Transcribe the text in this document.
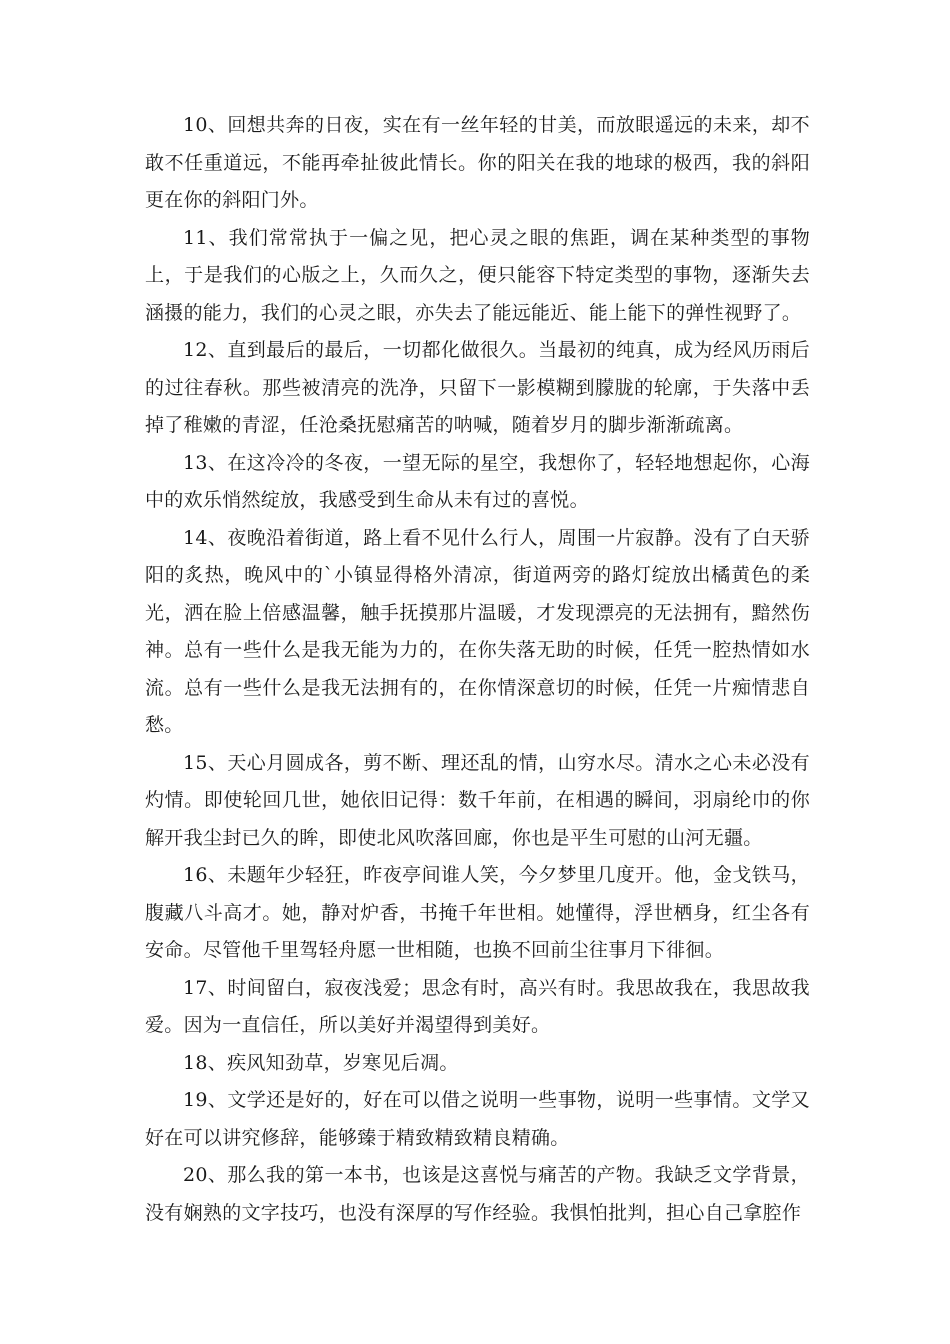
10、回想共奔的日夜，实在有一丝年轻的甘美，而放眼遥远的未来，却不敢不任重道远，不能再牵扯彼此情长。你的阳关在我的地球的极西，我的斜阳更在你的斜阳门外。

11、我们常常执于一偏之见，把心灵之眼的焦距，调在某种类型的事物上，于是我们的心版之上，久而久之，便只能容下特定类型的事物，逐渐失去涵摄的能力，我们的心灵之眼，亦失去了能远能近、能上能下的弹性视野了。

12、直到最后的最后，一切都化做很久。当最初的纯真，成为经风历雨后的过往春秋。那些被清亮的洗净，只留下一影模糊到朦胧的轮廓，于失落中丢掉了稚嫩的青涩，任沧桑抚慰痛苦的呐喊，随着岁月的脚步渐渐疏离。

13、在这冷冷的冬夜，一望无际的星空，我想你了，轻轻地想起你，心海中的欢乐悄然绽放，我感受到生命从未有过的喜悦。

14、夜晚沿着街道，路上看不见什么行人，周围一片寂静。没有了白天骄阳的炙热，晚风中的`小镇显得格外清凉，街道两旁的路灯绽放出橘黄色的柔光，洒在脸上倍感温馨，触手抚摸那片温暖，才发现漂亮的无法拥有，黯然伤神。总有一些什么是我无能为力的，在你失落无助的时候，任凭一腔热情如水流。总有一些什么是我无法拥有的，在你情深意切的时候，任凭一片痴情悲自愁。

15、天心月圆成各，剪不断、理还乱的情，山穷水尽。清水之心未必没有灼情。即使轮回几世，她依旧记得：数千年前，在相遇的瞬间，羽扇纶巾的你解开我尘封已久的眸，即使北风吹落回廊，你也是平生可慰的山河无疆。

16、未题年少轻狂，昨夜亭间谁人笑，今夕梦里几度开。他，金戈铁马，腹藏八斗高才。她，静对炉香，书掩千年世相。她懂得，浮世栖身，红尘各有安命。尽管他千里驾轻舟愿一世相随，也换不回前尘往事月下徘徊。

17、时间留白，寂夜浅爱；思念有时，高兴有时。我思故我在，我思故我爱。因为一直信任，所以美好并渴望得到美好。

18、疾风知劲草，岁寒见后凋。

19、文学还是好的，好在可以借之说明一些事物，说明一些事情。文学又好在可以讲究修辞，能够臻于精致精致精良精确。

20、那么我的第一本书，也该是这喜悦与痛苦的产物。我缺乏文学背景，没有娴熟的文字技巧，也没有深厚的写作经验。我惧怕批判，担心自己拿腔作
